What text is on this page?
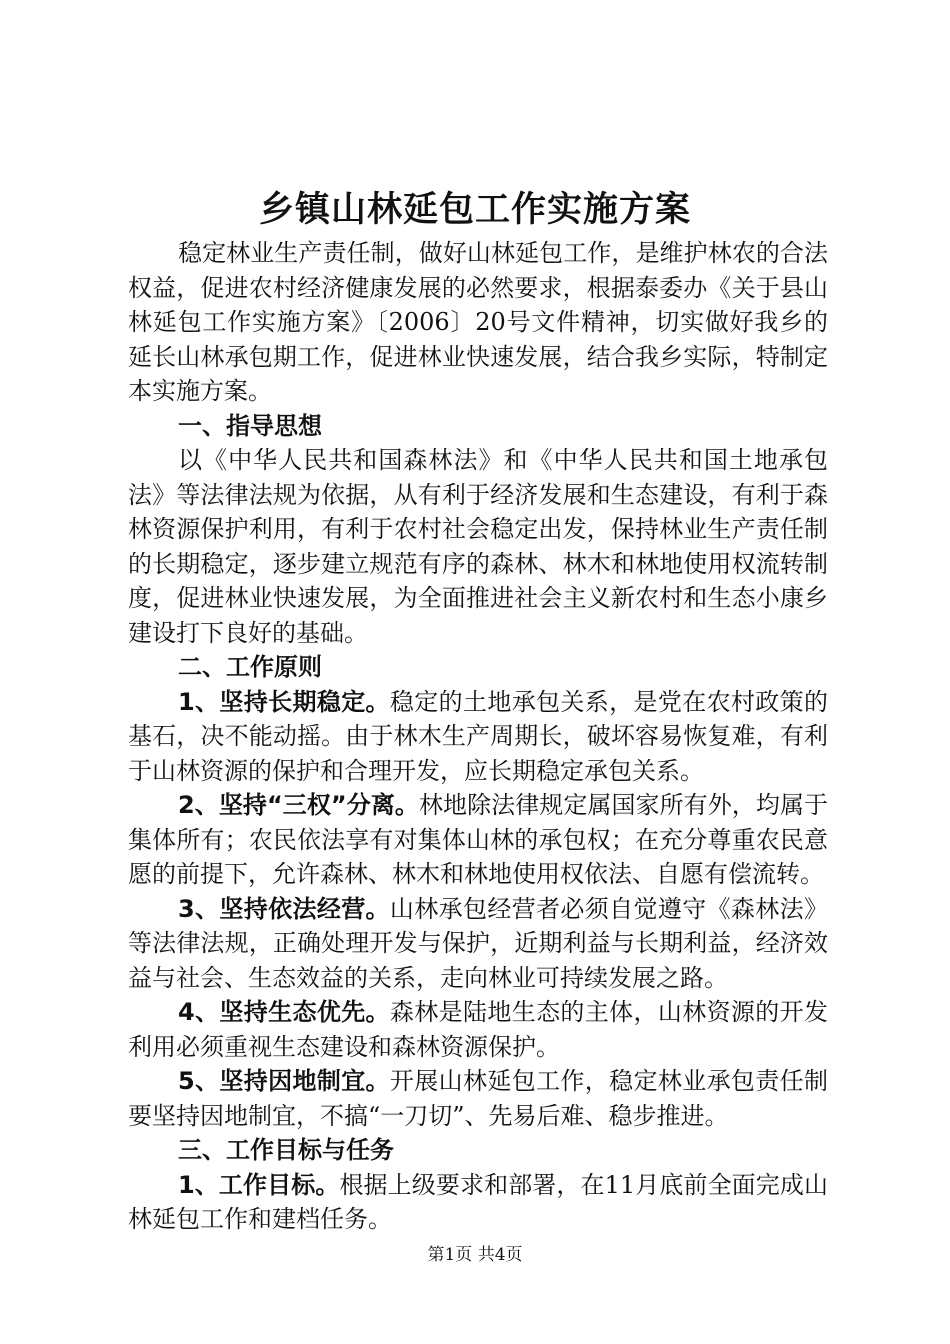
乡镇山林延包工作实施方案

稳定林业生产责任制，做好山林延包工作，是维护林农的合法权益，促进农村经济健康发展的必然要求，根据泰委办《关于县山林延包工作实施方案》〔2006〕20号文件精神，切实做好我乡的延长山林承包期工作，促进林业快速发展，结合我乡实际，特制定本实施方案。

一、指导思想

以《中华人民共和国森林法》和《中华人民共和国土地承包法》等法律法规为依据，从有利于经济发展和生态建设，有利于森林资源保护利用，有利于农村社会稳定出发，保持林业生产责任制的长期稳定，逐步建立规范有序的森林、林木和林地使用权流转制度，促进林业快速发展，为全面推进社会主义新农村和生态小康乡建设打下良好的基础。

二、工作原则

1、坚持长期稳定。稳定的土地承包关系，是党在农村政策的基石，决不能动摇。由于林木生产周期长，破坏容易恢复难，有利于山林资源的保护和合理开发，应长期稳定承包关系。

2、坚持“三权”分离。林地除法律规定属国家所有外，均属于集体所有；农民依法享有对集体山林的承包权；在充分尊重农民意愿的前提下，允许森林、林木和林地使用权依法、自愿有偿流转。

3、坚持依法经营。山林承包经营者必须自觉遵守《森林法》等法律法规，正确处理开发与保护，近期利益与长期利益，经济效益与社会、生态效益的关系，走向林业可持续发展之路。

4、坚持生态优先。森林是陆地生态的主体，山林资源的开发利用必须重视生态建设和森林资源保护。

5、坚持因地制宜。开展山林延包工作，稳定林业承包责任制要坚持因地制宜，不搞“一刀切”、先易后难、稳步推进。

三、工作目标与任务

1、工作目标。根据上级要求和部署，在11月底前全面完成山林延包工作和建档任务。

第1页 共4页
